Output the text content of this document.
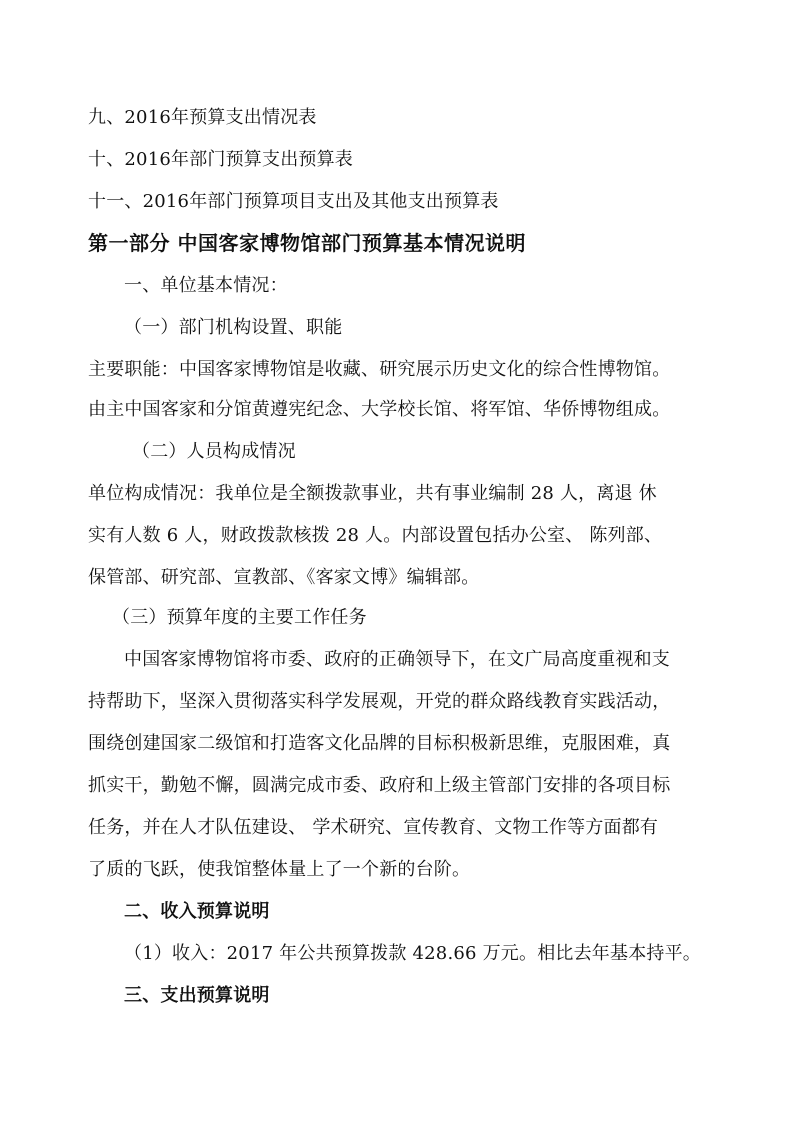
九、2016年预算支出情况表
十、2016年部门预算支出预算表
十一、2016年部门预算项目支出及其他支出预算表
第一部分 中国客家博物馆部门预算基本情况说明
一、单位基本情况：
（一）部门机构设置、职能
主要职能：中国客家博物馆是收藏、研究展示历史文化的综合性博物馆。
由主中国客家和分馆黄遵宪纪念、大学校长馆、将军馆、华侨博物组成。
（二）人员构成情况
单位构成情况：我单位是全额拨款事业，共有事业编制 28 人，离退 休
实有人数 6 人，财政拨款核拨 28 人。内部设置包括办公室、 陈列部、
保管部、研究部、宣教部、《客家文博》编辑部。
（三）预算年度的主要工作任务
中国客家博物馆将市委、政府的正确领导下，在文广局高度重视和支
持帮助下，坚深入贯彻落实科学发展观，开党的群众路线教育实践活动，
围绕创建国家二级馆和打造客文化品牌的目标积极新思维，克服困难，真
抓实干，勤勉不懈，圆满完成市委、政府和上级主管部门安排的各项目标
任务，并在人才队伍建设、 学术研究、宣传教育、文物工作等方面都有
了质的飞跃，使我馆整体量上了一个新的台阶。
二、收入预算说明
（1）收入：2017 年公共预算拨款 428.66 万元。相比去年基本持平。
三、支出预算说明
